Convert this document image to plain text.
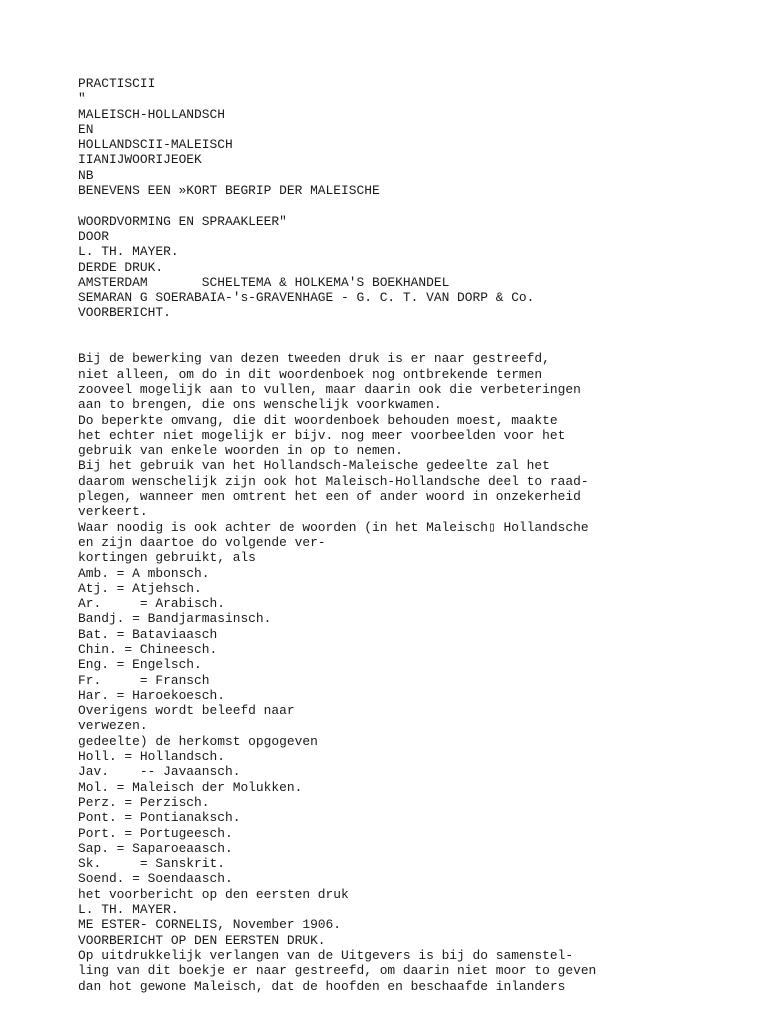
PRACTISCII
"
MALEISCH-HOLLANDSCH
EN
HOLLANDSCII-MALEISCH
IIANIJWOORIJEOEK
NB
BENEVENS EEN »KORT BEGRIP DER MALEISCHE
WOORDVORMING EN SPRAAKLEER"
DOOR
L. TH. MAYER.
DERDE DRUK.
AMSTERDAM       SCHELTEMA & HOLKEMA'S BOEKHANDEL
SEMARAN G SOERABAIA-'s-GRAVENHAGE - G. C. T. VAN DORP & Co.
VOORBERICHT.
Bij de bewerking van dezen tweeden druk is er naar gestreefd,
niet alleen, om do in dit woordenboek nog ontbrekende termen
zooveel mogelijk aan to vullen, maar daarin ook die verbeteringen
aan to brengen, die ons wenschelijk voorkwamen.
Do beperkte omvang, die dit woordenboek behouden moest, maakte
het echter niet mogelijk er bijv. nog meer voorbeelden voor het
gebruik van enkele woorden in op to nemen.
Bij het gebruik van het Hollandsch-Maleische gedeelte zal het
daarom wenschelijk zijn ook hot Maleisch-Hollandsche deel to raad-
plegen, wanneer men omtrent het een of ander woord in onzekerheid
verkeert.
Waar noodig is ook achter de woorden (in het Maleisch▯ Hollandsche
en zijn daartoe do volgende ver-
kortingen gebruikt, als
Amb. = A mbonsch.
Atj. = Atjehsch.
Ar.     = Arabisch.
Bandj. = Bandjarmasinsch.
Bat. = Bataviaasch
Chin. = Chineesch.
Eng. = Engelsch.
Fr.     = Fransch
Har. = Haroekoesch.
Overigens wordt beleefd naar
verwezen.
gedeelte) de herkomst opgogeven
Holl. = Hollandsch.
Jav.    -- Javaansch.
Mol. = Maleisch der Molukken.
Perz. = Perzisch.
Pont. = Pontianaksch.
Port. = Portugeesch.
Sap. = Saparoeaasch.
Sk.     = Sanskrit.
Soend. = Soendaasch.
het voorbericht op den eersten druk
L. TH. MAYER.
ME ESTER- CORNELIS, November 1906.
VOORBERICHT OP DEN EERSTEN DRUK.
Op uitdrukkelijk verlangen van de Uitgevers is bij do samenstel-
ling van dit boekje er naar gestreefd, om daarin niet moor to geven
dan hot gewone Maleisch, dat de hoofden en beschaafde inlanders
